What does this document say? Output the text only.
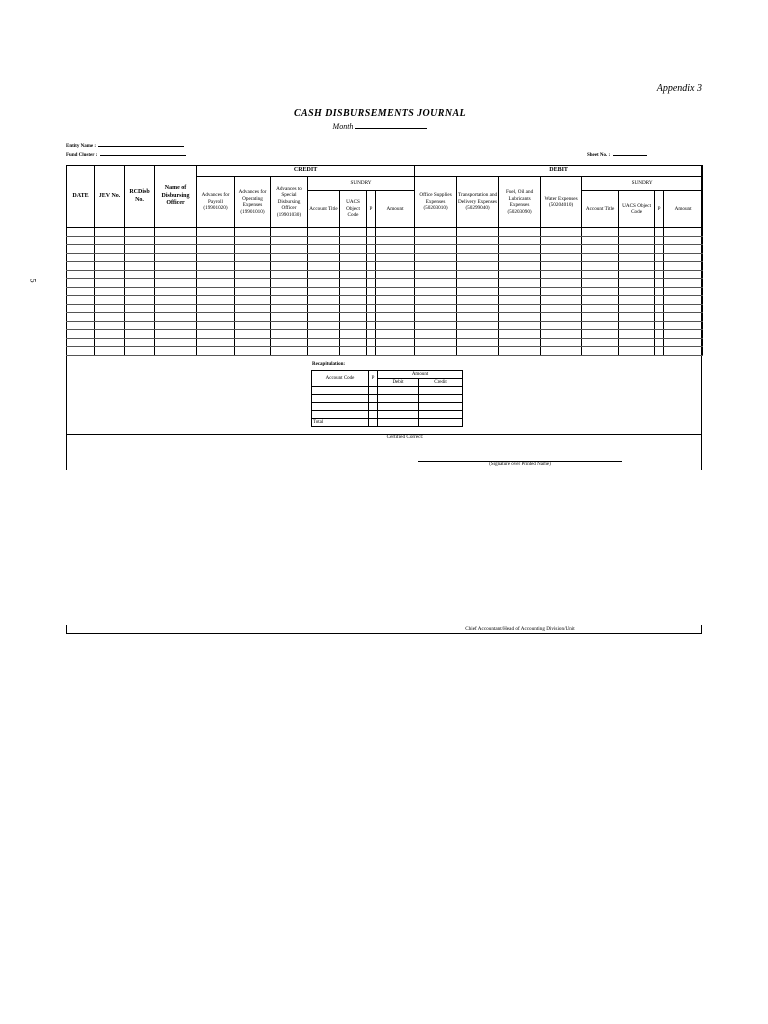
Appendix 3
CASH DISBURSEMENTS JOURNAL
Month
Entity Name :
Fund Cluster :	Sheet No. :
5
DATE	JEV No.	RCDisb No.	Name of Disbursing Officer	CREDIT							DEBIT							
				Advances for Payroll (19901020)	Advances for Operating Expenses (19901010)	Advances to Special Disbursing Officer (19901030)	SUNDRY				Office Supplies Expenses (50203010)	Transportation and Delivery Expenses (50299040)	Fuel, Oil and Lubricants Expenses (50203090)	Water Expenses (50204010)	SUNDRY			
							Account Title	UACS Object Code	P	Amount					Account Title	UACS Object Code	P	Amount

Recapitulation:
Account Code	P	Amount	
		Debit	Credit

Total			
Certified Correct:
(Signature over Printed Name)
Chief Accountant/Head of Accounting Division/Unit
